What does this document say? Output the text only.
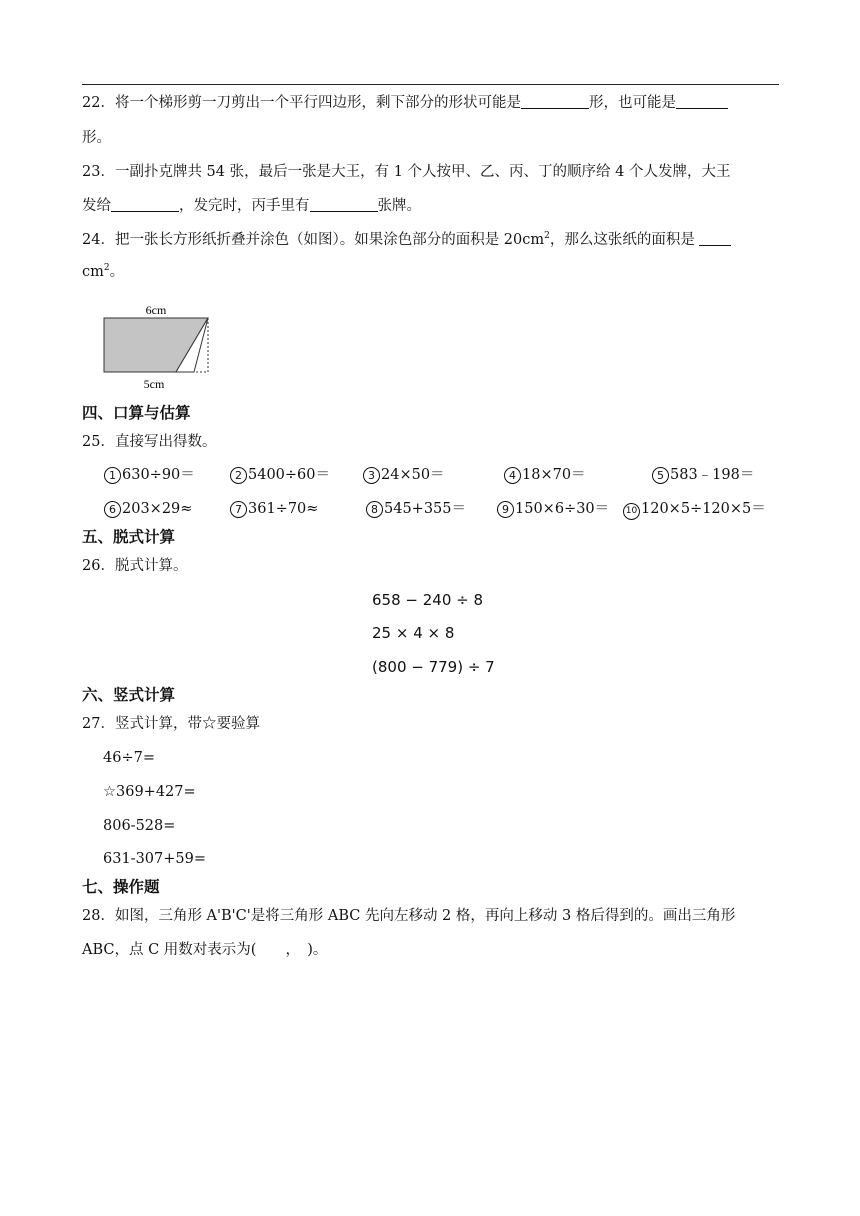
22．将一个梯形剪一刀剪出一个平行四边形，剩下部分的形状可能是	形，也可能是
形。
23．一副扑克牌共 54 张，最后一张是大王，有 1 个人按甲、乙、丙、丁的顺序给 4 个人发牌，大王
发给	，发完时，丙手里有	张牌。
24．把一张长方形纸折叠并涂色（如图）。如果涂色部分的面积是 $20cm^2$，那么这张纸的面积是
$cm^2$。
6cm
5cm
四、口算与估算
25．直接写出得数。
1 630÷90＝	2 5400÷60＝	3 24×50＝	4 18×70＝	5 583﹣198＝
6 203×29≈	7 361÷70≈	8 545+355＝	9 150×6÷30＝	10 120×5÷120×5＝
五、脱式计算
26．脱式计算。
658 − 240 ÷ 8
25 × 4 × 8
(800 − 779) ÷ 7
六、竖式计算
27．竖式计算，带☆要验算
46÷7=
☆369+427=
806-528=
631-307+59=
七、操作题
28．如图，三角形 A'B'C'是将三角形 ABC 先向左移动 2 格，再向上移动 3 格后得到的。画出三角形
ABC，点 C 用数对表示为(　　，　)。
